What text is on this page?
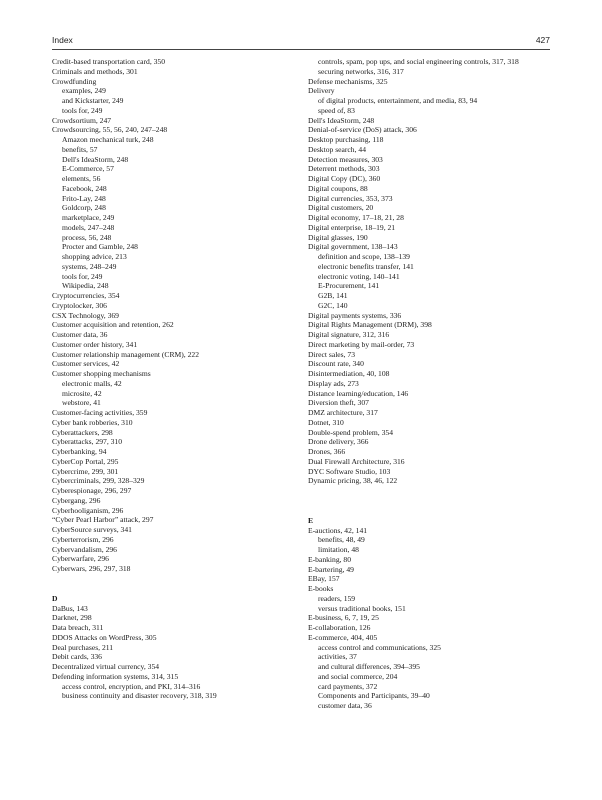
Index	427
Credit-based transportation card, 350
Criminals and methods, 301
Crowdfunding
examples, 249
and Kickstarter, 249
tools for, 249
Crowdsortium, 247
Crowdsourcing, 55, 56, 240, 247–248
Amazon mechanical turk, 248
benefits, 57
Dell's IdeaStorm, 248
E-Commerce, 57
elements, 56
Facebook, 248
Frito-Lay, 248
Goldcorp, 248
marketplace, 249
models, 247–248
process, 56, 248
Procter and Gamble, 248
shopping advice, 213
systems, 248–249
tools for, 249
Wikipedia, 248
Cryptocurrencies, 354
Cryptolocker, 306
CSX Technology, 369
Customer acquisition and retention, 262
Customer data, 36
Customer order history, 341
Customer relationship management (CRM), 222
Customer services, 42
Customer shopping mechanisms
electronic malls, 42
microsite, 42
webstore, 41
Customer-facing activities, 359
Cyber bank robberies, 310
Cyberattackers, 298
Cyberattacks, 297, 310
Cyberbanking, 94
CyberCop Portal, 295
Cybercrime, 299, 301
Cybercriminals, 299, 328–329
Cyberespionage, 296, 297
Cybergang, 296
Cyberhooliganism, 296
“Cyber Pearl Harbor” attack, 297
CyberSource surveys, 341
Cyberterrorism, 296
Cybervandalism, 296
Cyberwarfare, 296
Cyberwars, 296, 297, 318
D
DaBus, 143
Darknet, 298
Data breach, 311
DDOS Attacks on WordPress, 305
Deal purchases, 211
Debit cards, 336
Decentralized virtual currency, 354
Defending information systems, 314, 315
access control, encryption, and PKI, 314–316
business continuity and disaster recovery, 318, 319
controls, spam, pop ups, and social engineering controls, 317, 318
securing networks, 316, 317
Defense mechanisms, 325
Delivery
of digital products, entertainment, and media, 83, 94
speed of, 83
Dell's IdeaStorm, 248
Denial-of-service (DoS) attack, 306
Desktop purchasing, 118
Desktop search, 44
Detection measures, 303
Deterrent methods, 303
Digital Copy (DC), 360
Digital coupons, 88
Digital currencies, 353, 373
Digital customers, 20
Digital economy, 17–18, 21, 28
Digital enterprise, 18–19, 21
Digital glasses, 190
Digital government, 138–143
definition and scope, 138–139
electronic benefits transfer, 141
electronic voting, 140–141
E-Procurement, 141
G2B, 141
G2C, 140
Digital payments systems, 336
Digital Rights Management (DRM), 398
Digital signature, 312, 316
Direct marketing by mail-order, 73
Direct sales, 73
Discount rate, 340
Disintermediation, 40, 108
Display ads, 273
Distance learning/education, 146
Diversion theft, 307
DMZ architecture, 317
Dotnet, 310
Double-spend problem, 354
Drone delivery, 366
Drones, 366
Dual Firewall Architecture, 316
DYC Software Studio, 103
Dynamic pricing, 38, 46, 122
E
E-auctions, 42, 141
benefits, 48, 49
limitation, 48
E-banking, 80
E-bartering, 49
EBay, 157
E-books
readers, 159
versus traditional books, 151
E-business, 6, 7, 19, 25
E-collaboration, 126
E-commerce, 404, 405
access control and communications, 325
activities, 37
and cultural differences, 394–395
and social commerce, 204
card payments, 372
Components and Participants, 39–40
customer data, 36
